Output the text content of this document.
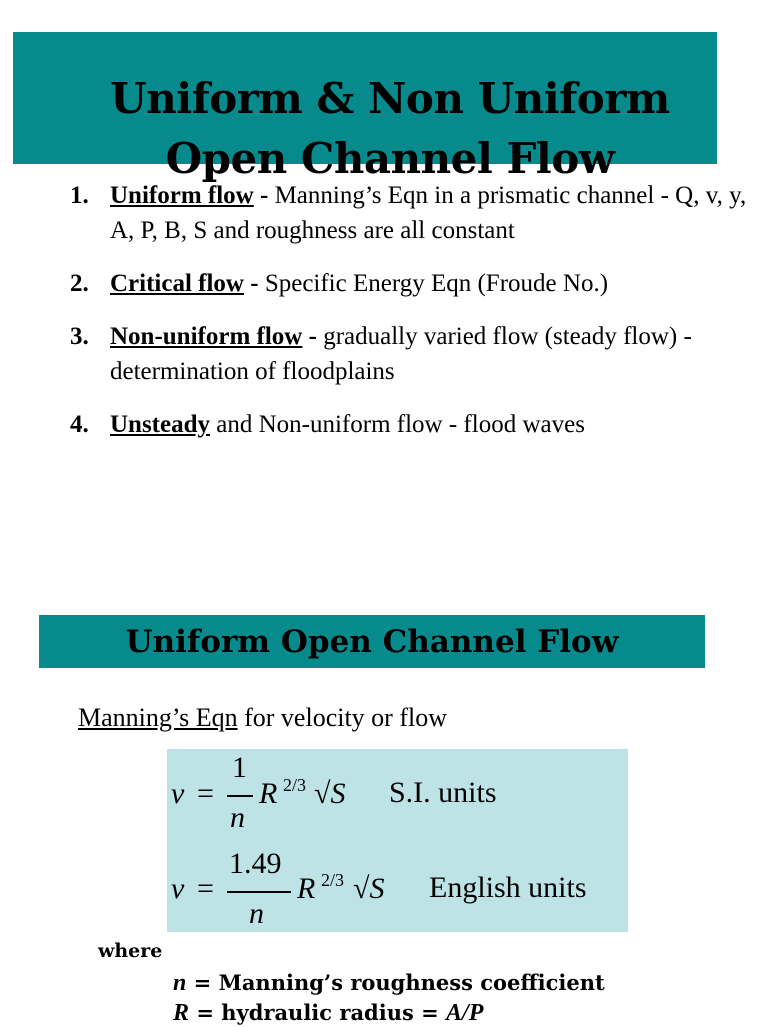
Uniform & Non Uniform
Open Channel Flow
1. Uniform flow - Manning’s Eqn in a prismatic channel - Q, v, y, A, P, B, S and roughness are all constant
2. Critical flow - Specific Energy Eqn (Froude No.)
3. Non-uniform flow - gradually varied flow (steady flow) - determination of floodplains
4. Unsteady and Non-uniform flow - flood waves
Uniform Open Channel Flow
Manning’s Eqn for velocity or flow
v =
1
n
R 2/3 √S S.I. units
v =
1.49
n
R 2/3 √S English units
where
n = Manning’s roughness coefficient
R = hydraulic radius = A/P
